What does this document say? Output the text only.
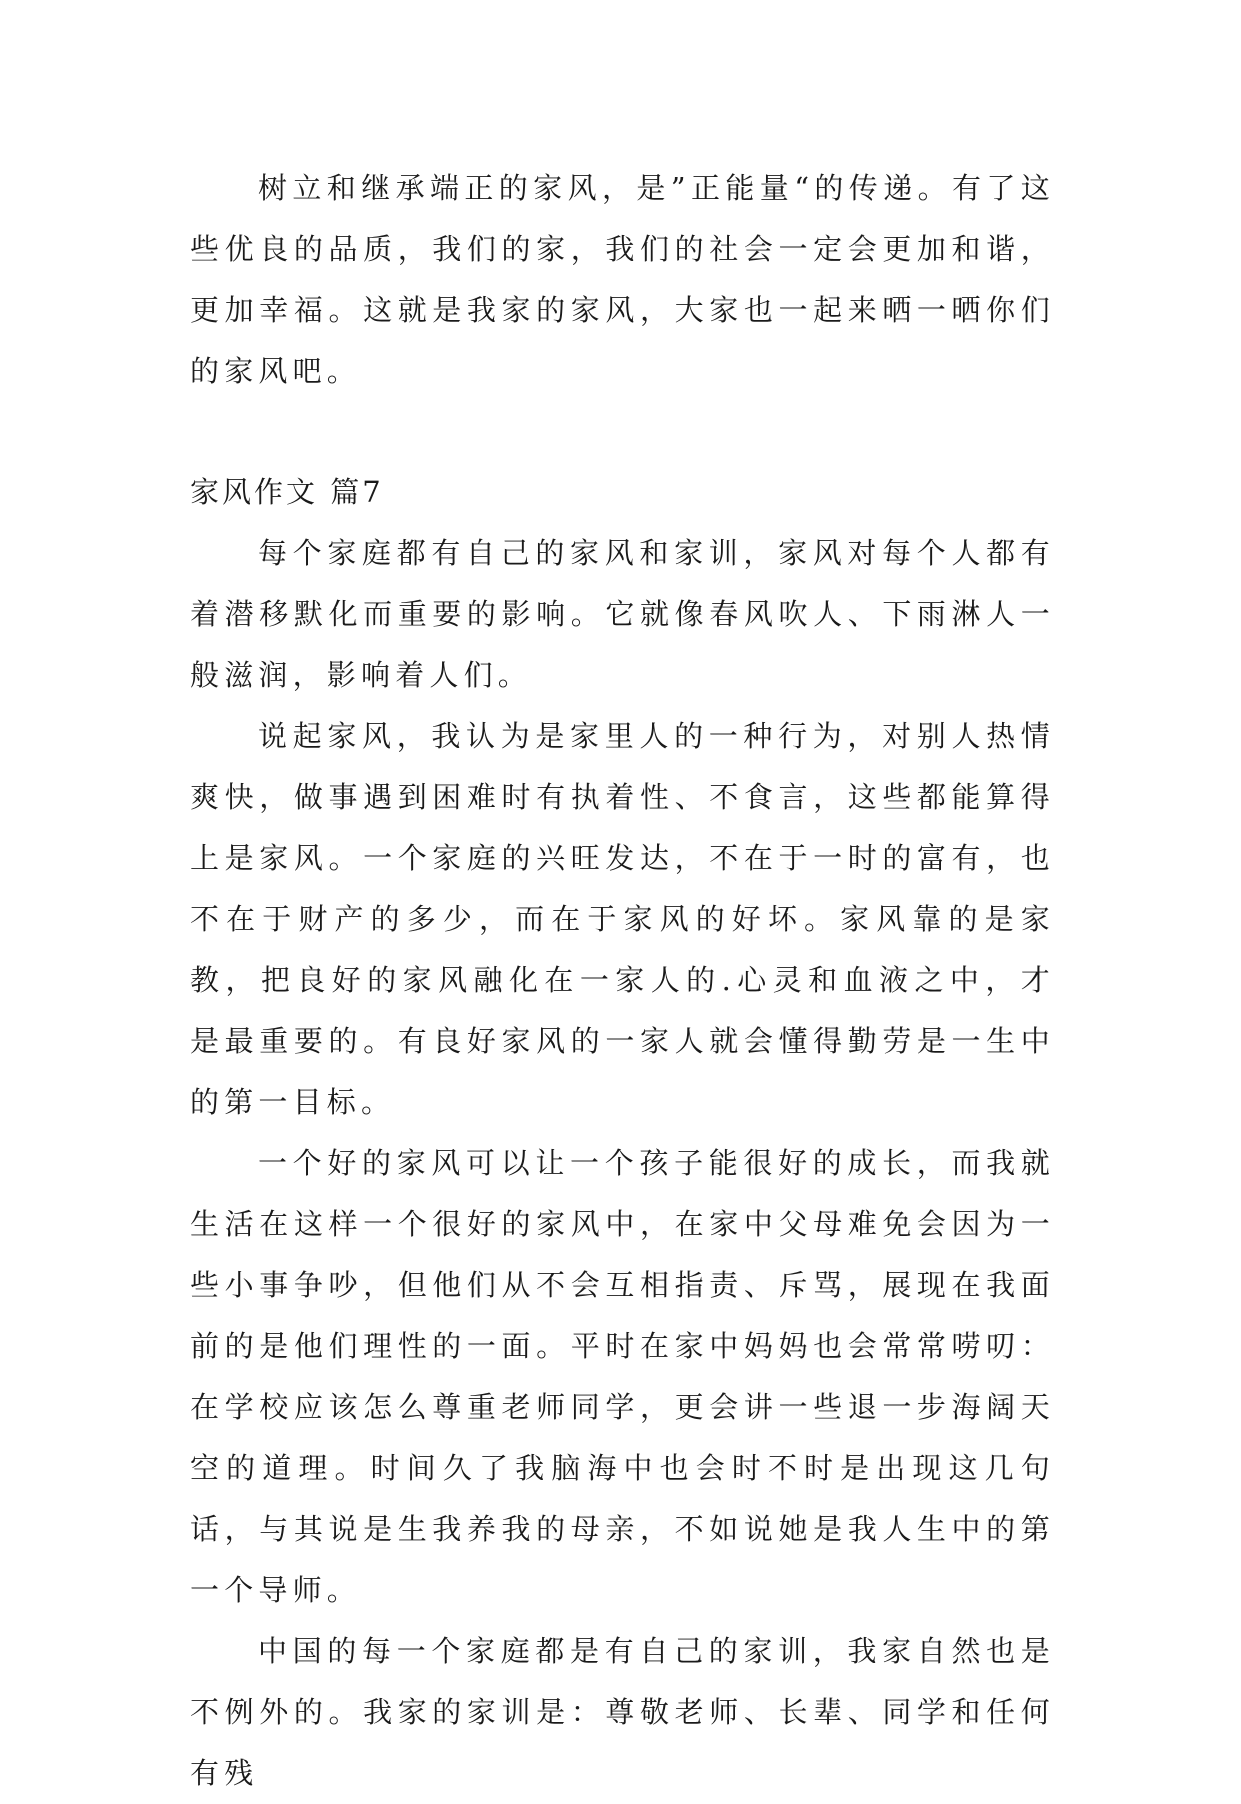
树立和继承端正的家风，是”正能量“的传递。有了这些优良的品质，我们的家，我们的社会一定会更加和谐，更加幸福。这就是我家的家风，大家也一起来晒一晒你们的家风吧。

家风作文 篇7

每个家庭都有自己的家风和家训，家风对每个人都有着潜移默化而重要的影响。它就像春风吹人、下雨淋人一般滋润，影响着人们。

说起家风，我认为是家里人的一种行为，对别人热情爽快，做事遇到困难时有执着性、不食言，这些都能算得上是家风。一个家庭的兴旺发达，不在于一时的富有，也不在于财产的多少，而在于家风的好坏。家风靠的是家教，把良好的家风融化在一家人的.心灵和血液之中，才是最重要的。有良好家风的一家人就会懂得勤劳是一生中的第一目标。

一个好的家风可以让一个孩子能很好的成长，而我就生活在这样一个很好的家风中，在家中父母难免会因为一些小事争吵，但他们从不会互相指责、斥骂，展现在我面前的是他们理性的一面。平时在家中妈妈也会常常唠叨：在学校应该怎么尊重老师同学，更会讲一些退一步海阔天空的道理。时间久了我脑海中也会时不时是出现这几句话，与其说是生我养我的母亲，不如说她是我人生中的第一个导师。

中国的每一个家庭都是有自己的家训，我家自然也是不例外的。我家的家训是：尊敬老师、长辈、同学和任何有残
